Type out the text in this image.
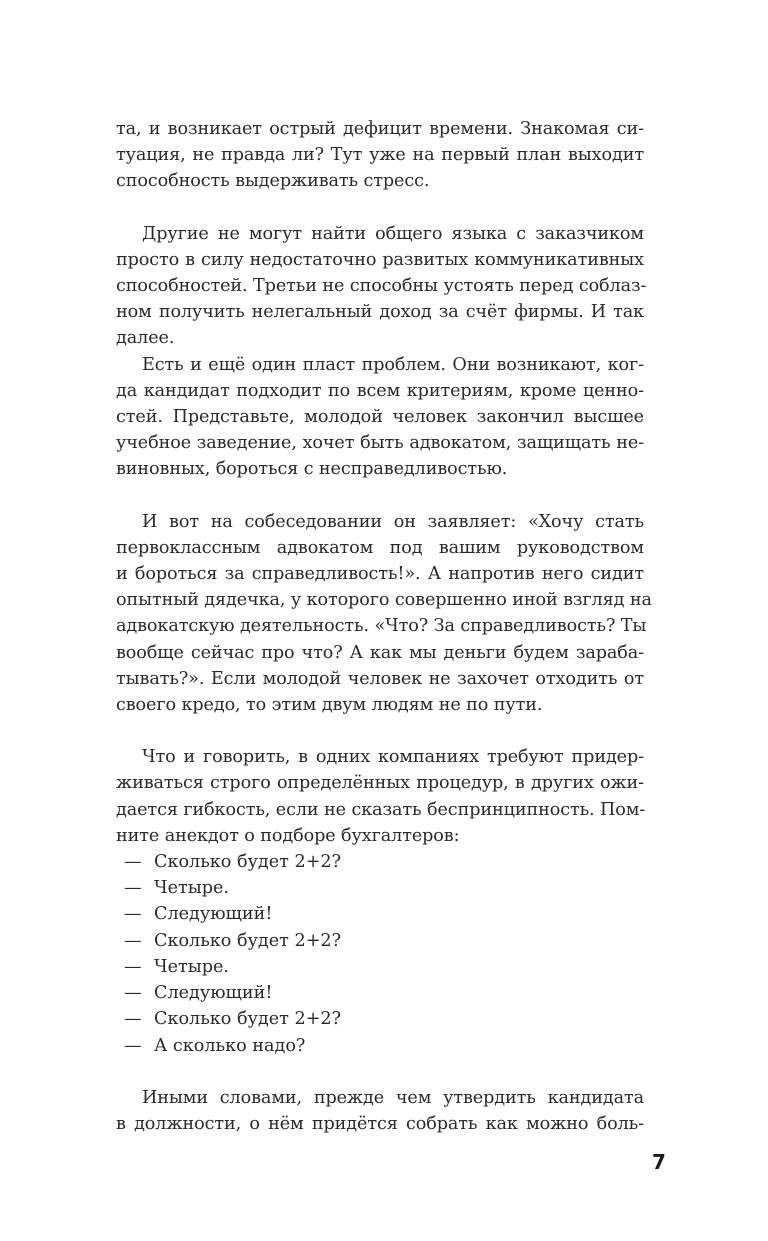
та, и возникает острый дефицит времени. Знакомая си-
туация, не правда ли? Тут уже на первый план выходит
способность выдерживать стресс.

Другие не могут найти общего языка с заказчиком
просто в силу недостаточно развитых коммуникативных
способностей. Третьи не способны устоять перед соблаз-
ном получить нелегальный доход за счёт фирмы. И так
далее.

Есть и ещё один пласт проблем. Они возникают, ког-
да кандидат подходит по всем критериям, кроме ценно-
стей. Представьте, молодой человек закончил высшее
учебное заведение, хочет быть адвокатом, защищать не-
виновных, бороться с несправедливостью.

И вот на собеседовании он заявляет: «Хочу стать
первоклассным адвокатом под вашим руководством
и бороться за справедливость!». А напротив него сидит
опытный дядечка, у которого совершенно иной взгляд на
адвокатскую деятельность. «Что? За справедливость? Ты
вообще сейчас про что? А как мы деньги будем зараба-
тывать?». Если молодой человек не захочет отходить от
своего кредо, то этим двум людям не по пути.

Что и говорить, в одних компаниях требуют придер-
живаться строго определённых процедур, в других ожи-
дается гибкость, если не сказать беспринципность. Пом-
ните анекдот о подборе бухгалтеров:

— Сколько будет 2+2?
— Четыре.
— Следующий!
— Сколько будет 2+2?
— Четыре.
— Следующий!
— Сколько будет 2+2?
— А сколько надо?

Иными словами, прежде чем утвердить кандидата
в должности, о нём придётся собрать как можно боль-

7
